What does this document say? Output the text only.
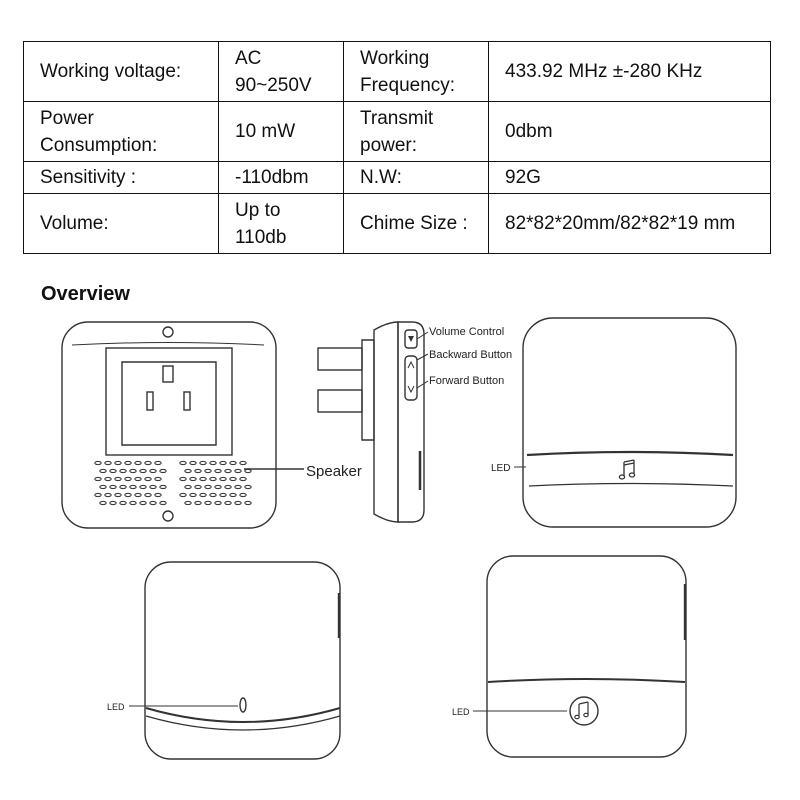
Working voltage:	AC 90~250V	Working Frequency:	433.92 MHz ±-280 KHz
Power Consumption:	10 mW	Transmit power:	0dbm
Sensitivity :	-110dbm	N.W:	92G
Volume:	Up to 110db	Chime Size :	82*82*20mm/82*82*19 mm
Overview
Speaker
Volume Control
Backward Button
Forward Button
LED
LED	LED
